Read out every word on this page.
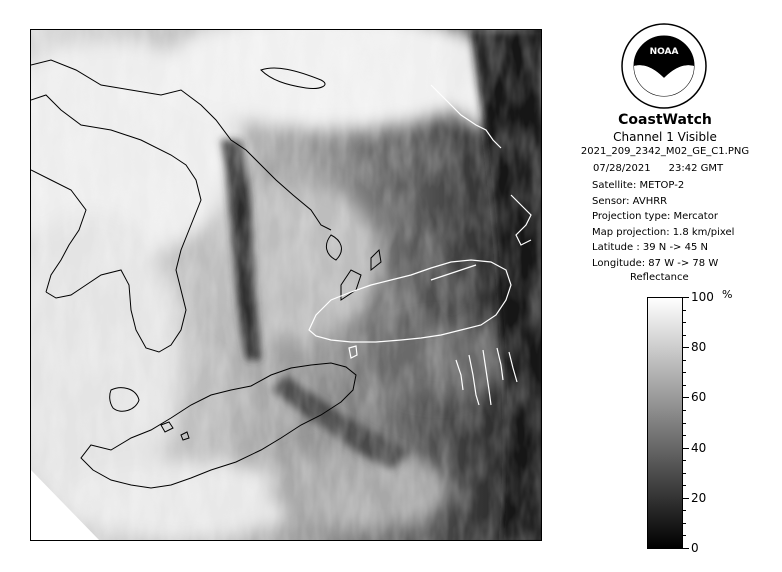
NOAA
CoastWatch
Channel 1 Visible
2021_209_2342_M02_GE_C1.PNG
07/28/2021 23:42 GMT
Satellite: METOP-2
Sensor: AVHRR
Projection type: Mercator
Map projection: 1.8 km/pixel
Latitude : 39 N -> 45 N
Longitude: 87 W -> 78 W
Reflectance
%
100
80
60
40
20
0
